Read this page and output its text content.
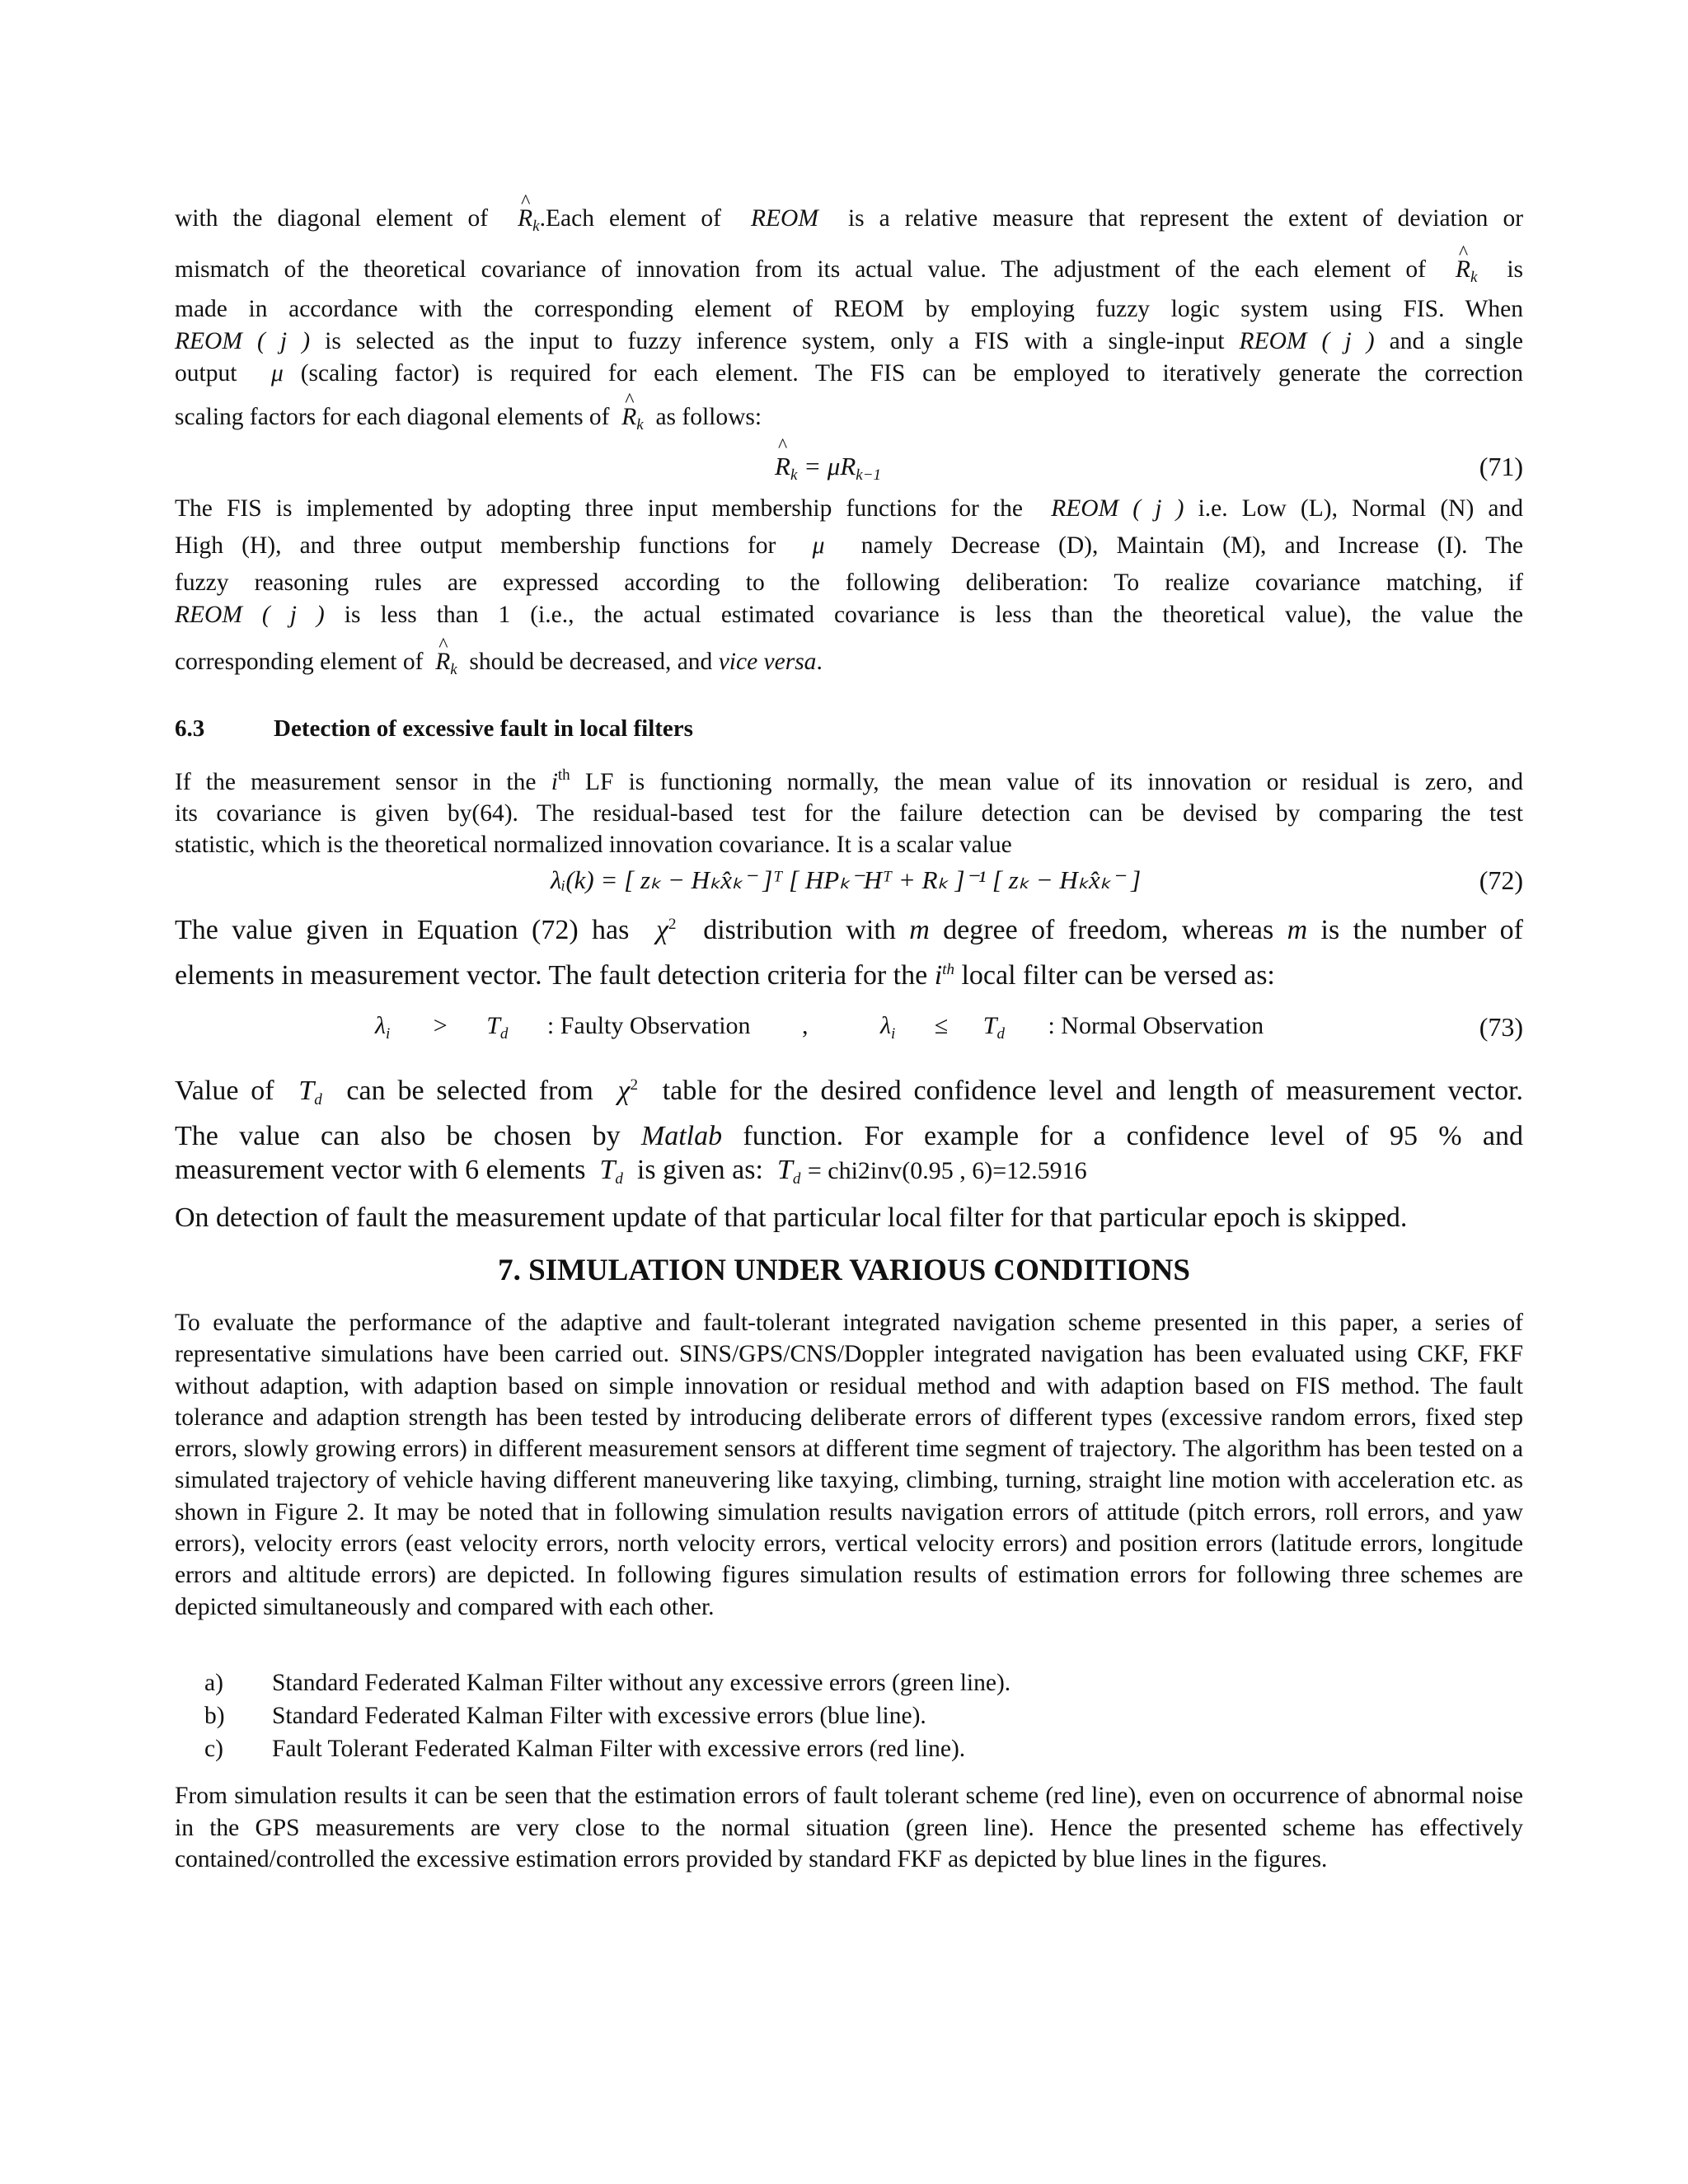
with the diagonal element of ^ $R_k.Each$ element of REOM is a relative measure that represent the extent of deviation or
mismatch of the theoretical covariance of innovation from its actual value. The adjustment of the each element of ^ $R_k$ is
made in accordance with the corresponding element of REOM by employing fuzzy logic system using FIS. When
REOM ( j ) is selected as the input to fuzzy inference system, only a FIS with a single-input REOM ( j ) and a single
output μ (scaling factor) is required for each element. The FIS can be employed to iteratively generate the correction
scaling factors for each diagonal elements of ^ $R_k$ as follows:
^ $R_k = \mu R_{k-1}$	(71)
The FIS is implemented by adopting three input membership functions for the REOM ( j ) i.e. Low (L), Normal (N) and
High (H), and three output membership functions for μ namely Decrease (D), Maintain (M), and Increase (I). The
fuzzy reasoning rules are expressed according to the following deliberation: To realize covariance matching, if
REOM ( j ) is less than 1 (i.e., the actual estimated covariance is less than the theoretical value), the value the
corresponding element of ^ $R_k$ should be decreased, and vice versa.
6.3	Detection of excessive fault in local filters
If the measurement sensor in the $i^{th}$ LF is functioning normally, the mean value of its innovation or residual is zero, and
its covariance is given by(64). The residual-based test for the failure detection can be devised by comparing the test
statistic, which is the theoretical normalized innovation covariance. It is a scalar value
λᵢ(k) = [ zₖ − Hₖx̂ₖ⁻ ]ᵀ [ HPₖ⁻Hᵀ + Rₖ ]⁻¹ [ zₖ − Hₖx̂ₖ⁻ ]	(72)
The value given in Equation (72) has $\chi^2$ distribution with m degree of freedom, whereas m is the number of
elements in measurement vector. The fault detection criteria for the $i^{th}$ local filter can be versed as:
$\lambda_i > T_d$ : Faulty Observation ,	$\lambda_i \le T_d$ : Normal Observation	(73)
Value of $T_d$ can be selected from $\chi^2$ table for the desired confidence level and length of measurement vector.
The value can also be chosen by Matlab function. For example for a confidence level of 95 % and
measurement vector with 6 elements $T_d$ is given as: $T_d = chi2inv(0.95$ , 6)=12.5916
On detection of fault the measurement update of that particular local filter for that particular epoch is skipped.
7. SIMULATION UNDER VARIOUS CONDITIONS
To evaluate the performance of the adaptive and fault-tolerant integrated navigation scheme presented in this paper, a series of representative simulations have been carried out. SINS/GPS/CNS/Doppler integrated navigation has been evaluated using CKF, FKF without adaption, with adaption based on simple innovation or residual method and with adaption based on FIS method. The fault tolerance and adaption strength has been tested by introducing deliberate errors of different types (excessive random errors, fixed step errors, slowly growing errors) in different measurement sensors at different time segment of trajectory. The algorithm has been tested on a simulated trajectory of vehicle having different maneuvering like taxying, climbing, turning, straight line motion with acceleration etc. as shown in Figure 2. It may be noted that in following simulation results navigation errors of attitude (pitch errors, roll errors, and yaw errors), velocity errors (east velocity errors, north velocity errors, vertical velocity errors) and position errors (latitude errors, longitude errors and altitude errors) are depicted. In following figures simulation results of estimation errors for following three schemes are depicted simultaneously and compared with each other.
a) Standard Federated Kalman Filter without any excessive errors (green line).
b) Standard Federated Kalman Filter with excessive errors (blue line).
c) Fault Tolerant Federated Kalman Filter with excessive errors (red line).
From simulation results it can be seen that the estimation errors of fault tolerant scheme (red line), even on occurrence of abnormal noise in the GPS measurements are very close to the normal situation (green line). Hence the presented scheme has effectively contained/controlled the excessive estimation errors provided by standard FKF as depicted by blue lines in the figures.
